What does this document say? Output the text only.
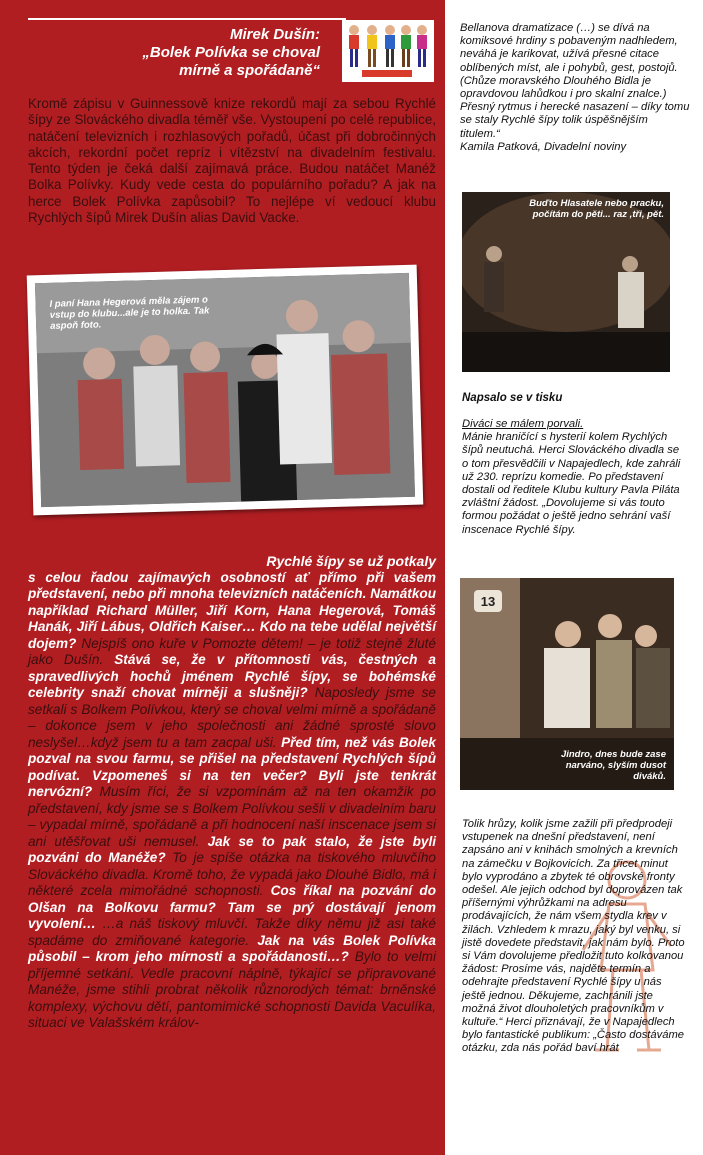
Mirek Dušín:
„Bolek Polívka se choval
mírně a spořádaně“
Kromě zápisu v Guinnessově knize rekordů mají za sebou Rychlé šípy ze Slováckého divadla téměř vše. Vystoupení po celé republice, natáčení televizních i rozhlasových pořadů, účast při dobročinných akcích, rekordní počet repríz i vítězství na divadelním festivalu. Tento týden je čeká další zajímavá práce. Budou natáčet Manéž Bolka Polívky. Kudy vede cesta do populárního pořadu? A jak na herce Bolek Polívka zapůsobil? To nejlépe ví vedoucí klubu Rychlých šípů Mirek Dušín alias David Vacke.
I paní Hana Hegerová měla zájem o vstup do klubu...ale je to holka. Tak aspoň foto.
Rychlé šípy se už potkaly
s celou řadou zajímavých osobností ať přímo při vašem představení, nebo při mnoha televizních natáčeních. Namátkou například Richard Müller, Jiří Korn, Hana Hegerová, Tomáš Hanák, Jiří Lábus, Oldřich Kaiser… Kdo na tebe udělal největší dojem? Nejspíš ono kuře v Pomozte dětem! – je totiž stejně žluté jako Dušín. Stává se, že v přítomnosti vás, čestných a spravedlivých hochů jménem Rychlé šípy, se bohémské celebrity snaží chovat mírněji a slušněji? Naposledy jsme se setkali s Bolkem Polívkou, který se choval velmi mírně a spořádaně – dokonce jsem v jeho společnosti ani žádné sprosté slovo neslyšel…když jsem tu a tam zacpal uši. Před tím, než vás Bolek pozval na svou farmu, se přišel na představení Rychlých šípů podívat. Vzpomeneš si na ten večer? Byli jste tenkrát nervózní? Musím říci, že si vzpomínám až na ten okamžik po představení, kdy jsme se s Bolkem Polívkou sešli v divadelním baru – vypadal mírně, spořádaně a při hodnocení naší inscenace jsem si ani utěšřovat uši nemusel. Jak se to pak stalo, že jste byli pozváni do Manéže? To je spíše otázka na tiskového mluvčího Slováckého divadla. Kromě toho, že vypadá jako Dlouhé Bidlo, má i některé zcela mimořádné schopnosti. Cos říkal na pozvání do Olšan na Bolkovu farmu? Tam se prý dostávají jenom vyvolení… …a náš tiskový mluvčí. Takže díky němu již asi také spadáme do zmiňované kategorie. Jak na vás Bolek Polívka působil – krom jeho mírnosti a spořádanosti…? Bylo to velmi příjemné setkání. Vedle pracovní náplně, týkající se připravované Manéže, jsme stihli probrat několik různorodých témat: brněnské komplexy, výchovu dětí, pantomimické schopnosti Davida Vaculíka, situaci ve Valašském králov-
Bellanova dramatizace (…) se dívá na komiksové hrdiny s pobaveným nadhledem, neváhá je karikovat, užívá přesné citace oblíbených míst, ale i pohybů, gest, postojů. (Chůze moravského Dlouhého Bidla je opravdovou lahůdkou i pro skalní znalce.) Přesný rytmus i herecké nasazení – díky tomu se staly Rychlé šípy tolik úspěšnějším titulem.“
Kamila Patková, Divadelní noviny
Buďto Hlasatele nebo pracku, počítám do pěti... raz ,tři, pět.
Napsalo se v tisku
Diváci se málem porvali.
Mánie hraničící s hysterií kolem Rychlých šípů neutuchá. Herci Slováckého divadla se o tom přesvědčili v Napajedlech, kde zahráli už 230. reprízu komedie. Po představení dostali od ředitele Klubu kultury Pavla Piláta zvláštní žádost. „Dovolujeme si vás touto formou požádat o ještě jedno sehrání vaší inscenace Rychlé šípy.
13
Jindro, dnes bude zase narváno, slyším dusot diváků.
Tolik hrůzy, kolik jsme zažili při předprodeji vstupenek na dnešní představení, není zapsáno ani v knihách smolných a krevních na zámečku v Bojkovicích. Za třicet minut bylo vyprodáno a zbytek té obrovské fronty odešel. Ale jejich odchod byl doprovázen tak příšernými výhrůžkami na adresu prodávajících, že nám všem stydla krev v žilách. Vzhledem k mrazu, jaký byl venku, si jistě dovedete představit, jak nám bylo. Proto si Vám dovolujeme předložit tuto kolkovanou žádost: Prosíme vás, najděte termín a odehrajte představení Rychlé šípy u nás ještě jednou. Děkujeme, zachránili jste možná život dlouholetých pracovníkům v kultuře.“ Herci přiznávají, že v Napajedlech bylo fantastické publikum: „Často dostáváme otázku, zda nás pořád baví hrát
